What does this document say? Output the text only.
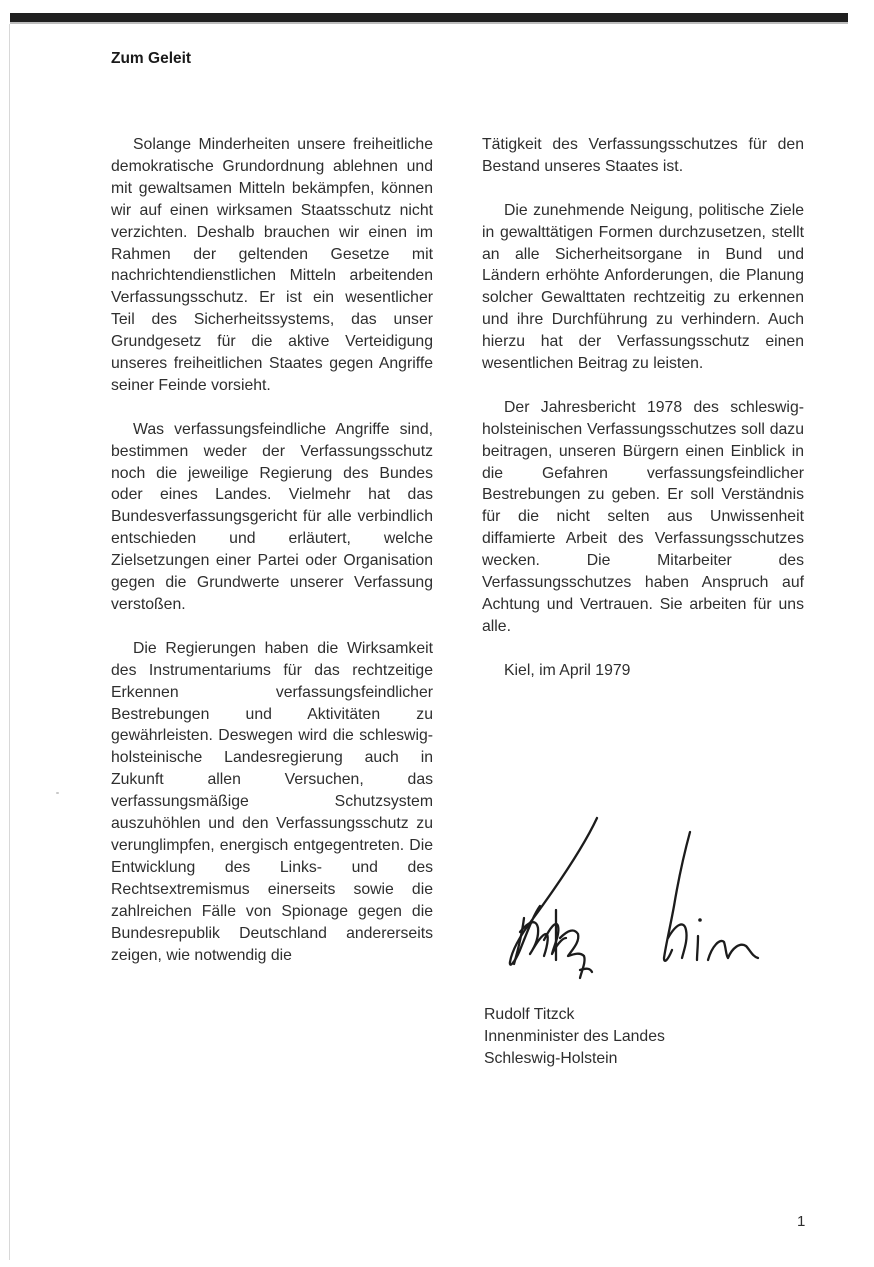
Zum Geleit

Solange Minderheiten unsere freiheitliche demokratische Grundordnung ablehnen und mit gewaltsamen Mitteln bekämpfen, können wir auf einen wirksamen Staatsschutz nicht verzichten. Deshalb brauchen wir einen im Rahmen der geltenden Gesetze mit nachrichtendienstlichen Mitteln arbeitenden Verfassungsschutz. Er ist ein wesentlicher Teil des Sicherheitssystems, das unser Grundgesetz für die aktive Verteidigung unseres freiheitlichen Staates gegen Angriffe seiner Feinde vorsieht.

Was verfassungsfeindliche Angriffe sind, bestimmen weder der Verfassungsschutz noch die jeweilige Regierung des Bundes oder eines Landes. Vielmehr hat das Bundesverfassungsgericht für alle verbindlich entschieden und erläutert, welche Zielsetzungen einer Partei oder Organisation gegen die Grundwerte unserer Verfassung verstoßen.

Die Regierungen haben die Wirksamkeit des Instrumentariums für das rechtzeitige Erkennen verfassungsfeindlicher Bestrebungen und Aktivitäten zu gewährleisten. Deswegen wird die schleswig-holsteinische Landesregierung auch in Zukunft allen Versuchen, das verfassungsmäßige Schutzsystem auszuhöhlen und den Verfassungsschutz zu verunglimpfen, energisch entgegentreten. Die Entwicklung des Links- und des Rechtsextremismus einerseits sowie die zahlreichen Fälle von Spionage gegen die Bundesrepublik Deutschland andererseits zeigen, wie notwendig die

Tätigkeit des Verfassungsschutzes für den Bestand unseres Staates ist.

Die zunehmende Neigung, politische Ziele in gewalttätigen Formen durchzusetzen, stellt an alle Sicherheitsorgane in Bund und Ländern erhöhte Anforderungen, die Planung solcher Gewalttaten rechtzeitig zu erkennen und ihre Durchführung zu verhindern. Auch hierzu hat der Verfassungsschutz einen wesentlichen Beitrag zu leisten.

Der Jahresbericht 1978 des schleswig-holsteinischen Verfassungsschutzes soll dazu beitragen, unseren Bürgern einen Einblick in die Gefahren verfassungsfeindlicher Bestrebungen zu geben. Er soll Verständnis für die nicht selten aus Unwissenheit diffamierte Arbeit des Verfassungsschutzes wecken. Die Mitarbeiter des Verfassungsschutzes haben Anspruch auf Achtung und Vertrauen. Sie arbeiten für uns alle.

Kiel, im April 1979

Rudolf Titzck
Innenminister des Landes
Schleswig-Holstein
1
